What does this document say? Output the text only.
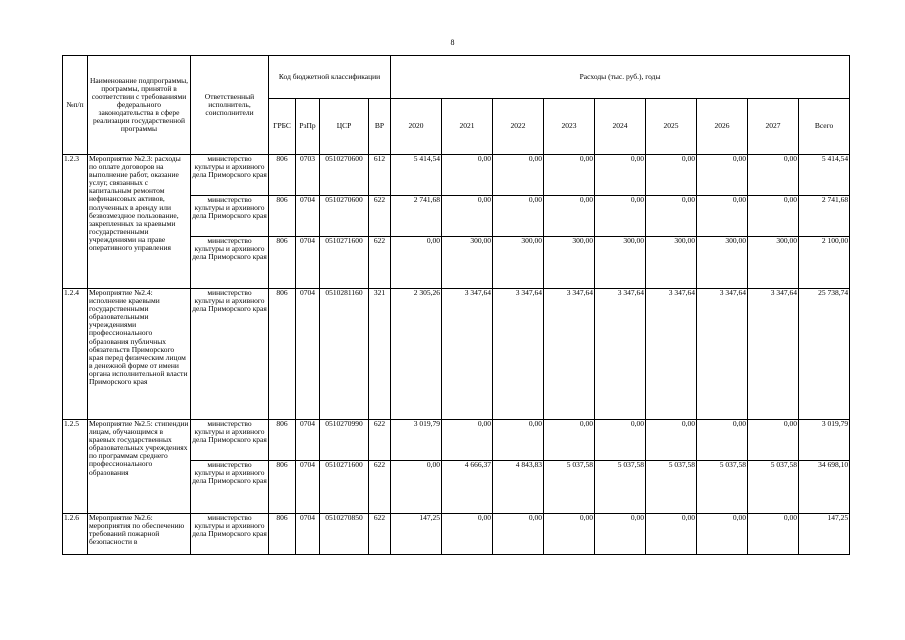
8
№п/п	Наименование подпрограммы, программы, принятой в соответствии с требованиями федерального законодательства в сфере реализации государственной программы	Ответственный исполнитель, соисполнители	Код бюджетной классификации				Расходы (тыс. руб.), годы								
			ГРБС	РзПр	ЦСР	ВР	2020	2021	2022	2023	2024	2025	2026	2027	Всего
1.2.3	Мероприятие №2.3: расходы по оплате договоров на выполнение работ, оказание услуг, связанных с капитальным ремонтом нефинансовых активов, полученных в аренду или безвозмездное пользование, закрепленных за краевыми государственными учреждениями на праве оперативного управления	министерство культуры и архивного дела Приморского края	806	0703	0510270600	612	5 414,54	0,00	0,00	0,00	0,00	0,00	0,00	0,00	5 414,54
		министерство культуры и архивного дела Приморского края	806	0704	0510270600	622	2 741,68	0,00	0,00	0,00	0,00	0,00	0,00	0,00	2 741,68
		министерство культуры и архивного дела Приморского края	806	0704	0510271600	622	0,00	300,00	300,00	300,00	300,00	300,00	300,00	300,00	2 100,00
1.2.4	Мероприятие №2.4: исполнение краевыми государственными образовательными учреждениями профессионального образования публичных обязательств Приморского края перед физическим лицом в денежной форме от имени органа исполнительной власти Приморского края	министерство культуры и архивного дела Приморского края	806	0704	0510281160	321	2 305,26	3 347,64	3 347,64	3 347,64	3 347,64	3 347,64	3 347,64	3 347,64	25 738,74
1.2.5	Мероприятие №2.5: стипендии лицам, обучающимся в краевых государственных образовательных учреждениях по программам среднего профессионального образования	министерство культуры и архивного дела Приморского края	806	0704	0510270990	622	3 019,79	0,00	0,00	0,00	0,00	0,00	0,00	0,00	3 019,79
		министерство культуры и архивного дела Приморского края	806	0704	0510271600	622	0,00	4 666,37	4 843,83	5 037,58	5 037,58	5 037,58	5 037,58	5 037,58	34 698,10
1.2.6	Мероприятие №2.6: мероприятия по обеспечению требований пожарной безопасности в	министерство культуры и архивного дела Приморского края	806	0704	0510270850	622	147,25	0,00	0,00	0,00	0,00	0,00	0,00	0,00	147,25
